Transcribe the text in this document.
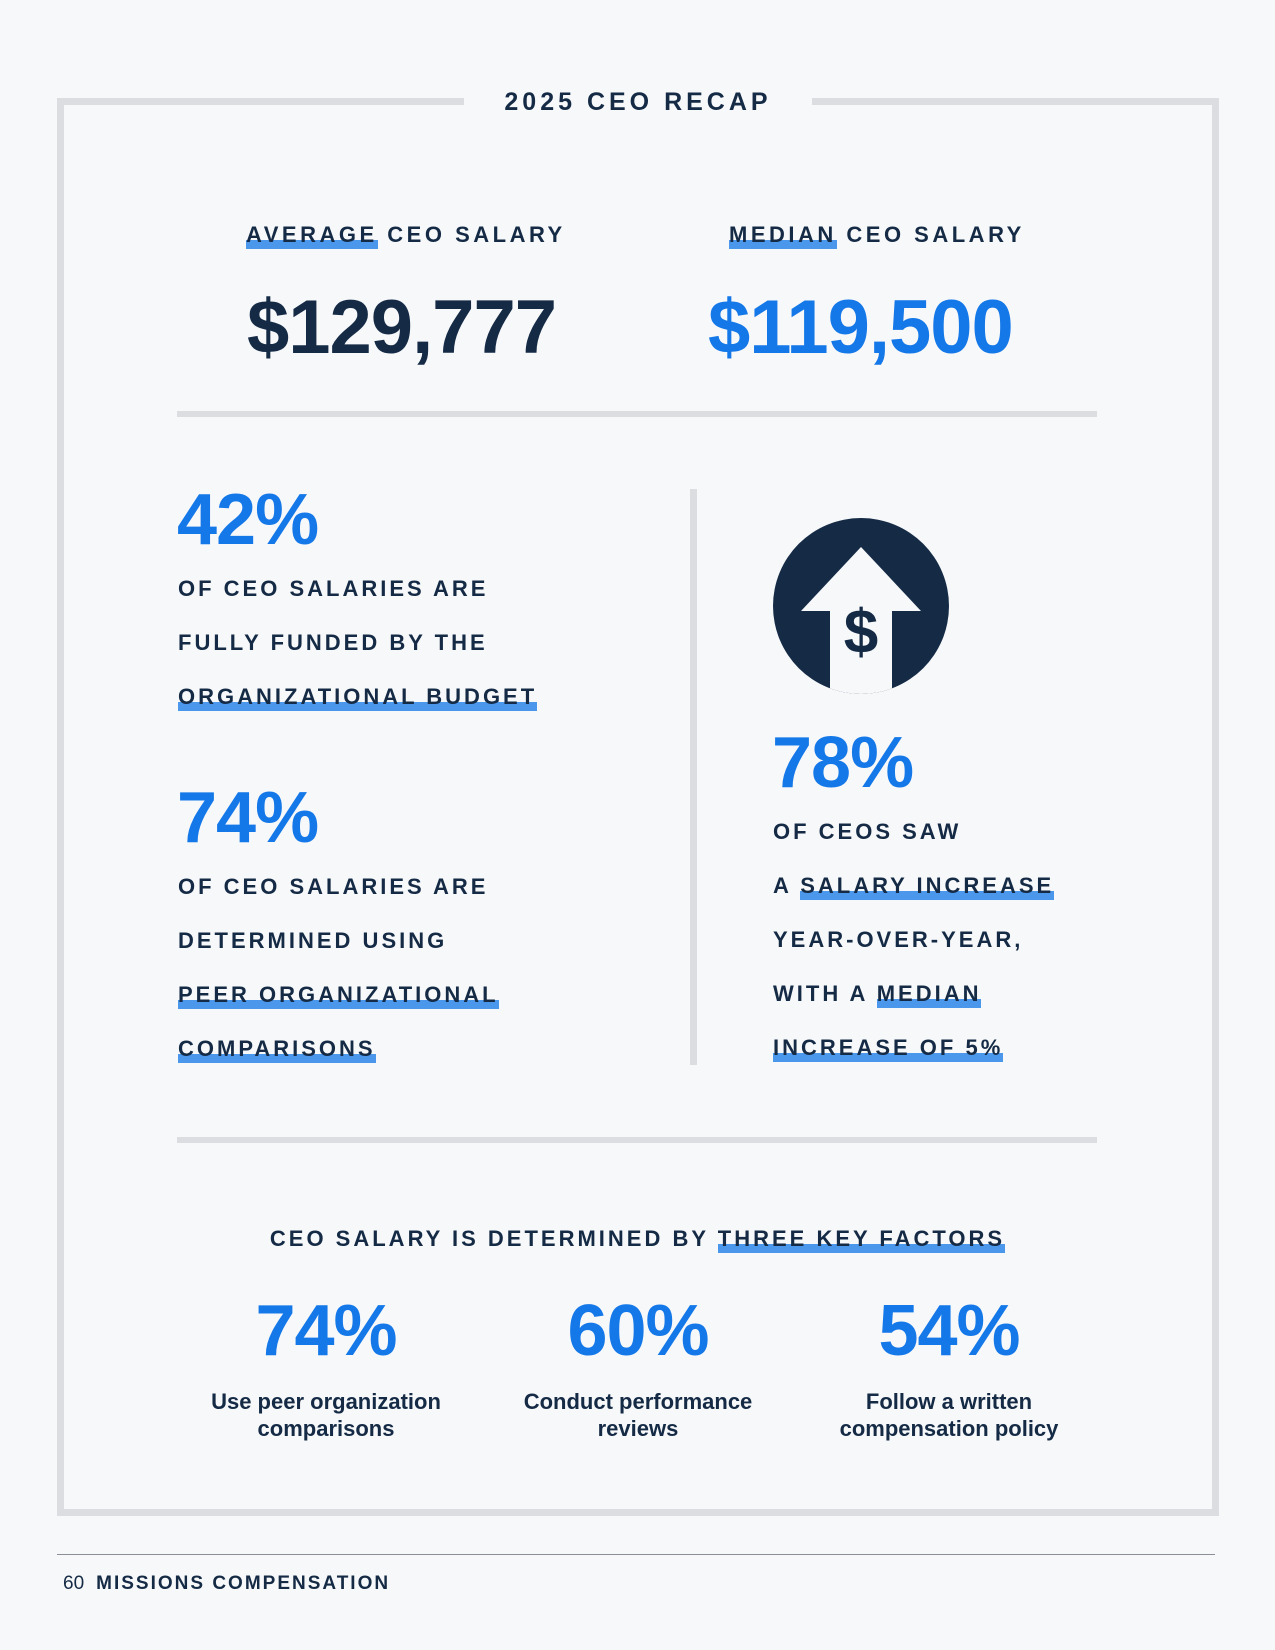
2025 CEO RECAP
AVERAGE CEO SALARY
$129,777
MEDIAN CEO SALARY
$119,500
42%
OF CEO SALARIES ARE
FULLY FUNDED BY THE
ORGANIZATIONAL BUDGET
74%
OF CEO SALARIES ARE
DETERMINED USING
PEER ORGANIZATIONAL
COMPARISONS
$
78%
OF CEOS SAW
A SALARY INCREASE
YEAR-OVER-YEAR,
WITH A MEDIAN
INCREASE OF 5%
CEO SALARY IS DETERMINED BY THREE KEY FACTORS
74%
Use peer organization
comparisons
60%
Conduct performance
reviews
54%
Follow a written
compensation policy
60 MISSIONS COMPENSATION
